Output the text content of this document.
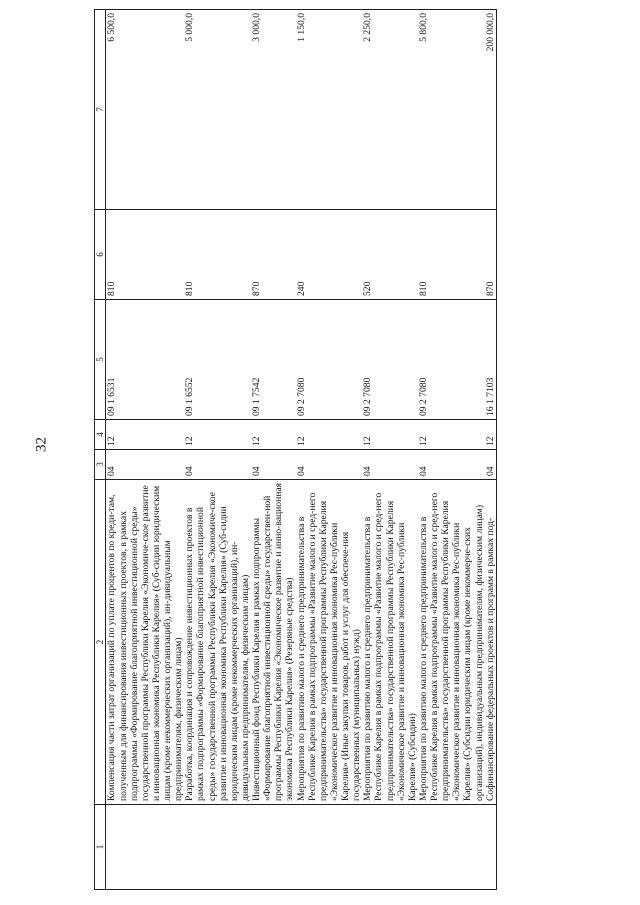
32
1	2	3	4	5	6	7
	Компенсация части затрат организаций по уплате процентов по креди-там, полученным для финансирования инвестиционных проектов, в рамках подпрограммы «Формирование благоприятной инвестиционной среды» государственной программы Республики Карелия «Экономиче-ское развитие и инновационная экономика Республики Карелия» (Суб-сидии юридическим лицам (кроме некоммерческих организаций), ин-дивидуальным предпринимателям, физическим лицам)	04	12	09 1 6531	810	6 500,0
	Разработка, координация и сопровождение инвестиционных проектов в рамках подпрограммы «Формирование благоприятной инвестиционной среды» государственной программы Республики Карелия «Экономиче-ское развитие и инновационная экономика Республики Карелия» (Суб-сидии юридическим лицам (кроме некоммерческих организаций), ин-дивидуальным предпринимателям, физическим лицам)	04	12	09 1 6552	810	5 000,0
	Инвестиционный фонд Республики Карелия в рамках подпрограммы «Формирование благоприятной инвестиционной среды» государствен-ной программы Республики Карелия «Экономическое развитие и инно-вационная экономика Республики Карелия» (Резервные средства)	04	12	09 1 7542	870	3 000,0
	Мероприятия по развитию малого и среднего предпринимательства в Республике Карелия в рамках подпрограммы «Развитие малого и сред-него предпринимательства» государственной программы Республики Карелия «Экономическое развитие и инновационная экономика Рес-публики Карелия» (Иные закупки товаров, работ и услуг для обеспече-ния государственных (муниципальных) нужд)	04	12	09 2 7080	240	1 150,0
	Мероприятия по развитию малого и среднего предпринимательства в Республике Карелия в рамках подпрограммы «Развитие малого и сред-него предпринимательства» государственной программы Республики Карелия «Экономическое развитие и инновационная экономика Рес-публики Карелия» (Субсидии)	04	12	09 2 7080	520	2 250,0
	Мероприятия по развитию малого и среднего предпринимательства в Республике Карелия в рамках подпрограммы «Развитие малого и сред-него предпринимательства» государственной программы Республики Карелия «Экономическое развитие и инновационная экономика Рес-публики Карелия» (Субсидии юридическим лицам (кроме некоммерче-ских организаций), индивидуальным предпринимателям, физическим лицам)	04	12	09 2 7080	810	5 800,0
	Софинансирование федеральных проектов и программ в рамках под-	04	12	16 1 7103	870	200 000,0
